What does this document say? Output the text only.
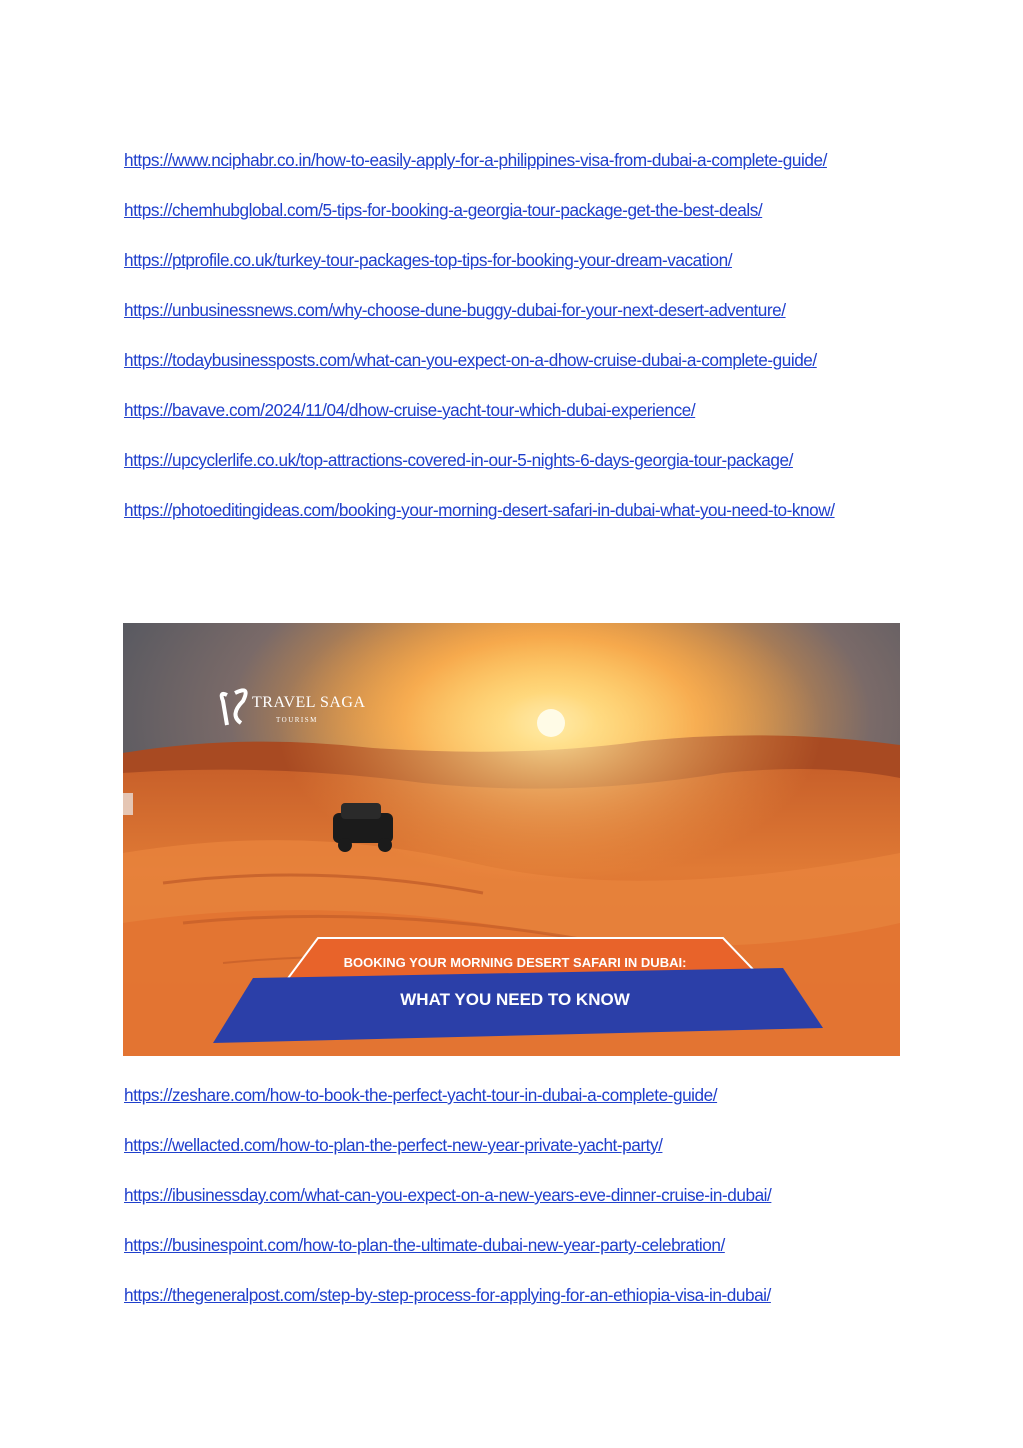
https://www.nciphabr.co.in/how-to-easily-apply-for-a-philippines-visa-from-dubai-a-complete-guide/
https://chemhubglobal.com/5-tips-for-booking-a-georgia-tour-package-get-the-best-deals/
https://ptprofile.co.uk/turkey-tour-packages-top-tips-for-booking-your-dream-vacation/
https://unbusinessnews.com/why-choose-dune-buggy-dubai-for-your-next-desert-adventure/
https://todaybusinessposts.com/what-can-you-expect-on-a-dhow-cruise-dubai-a-complete-guide/
https://bavave.com/2024/11/04/dhow-cruise-yacht-tour-which-dubai-experience/
https://upcyclerlife.co.uk/top-attractions-covered-in-our-5-nights-6-days-georgia-tour-package/
https://photoeditingideas.com/booking-your-morning-desert-safari-in-dubai-what-you-need-to-know/
TRAVEL SAGA
TOURISM
BOOKING YOUR MORNING DESERT SAFARI IN DUBAI:
WHAT YOU NEED TO KNOW
https://zeshare.com/how-to-book-the-perfect-yacht-tour-in-dubai-a-complete-guide/
https://wellacted.com/how-to-plan-the-perfect-new-year-private-yacht-party/
https://ibusinessday.com/what-can-you-expect-on-a-new-years-eve-dinner-cruise-in-dubai/
https://businespoint.com/how-to-plan-the-ultimate-dubai-new-year-party-celebration/
https://thegeneralpost.com/step-by-step-process-for-applying-for-an-ethiopia-visa-in-dubai/
